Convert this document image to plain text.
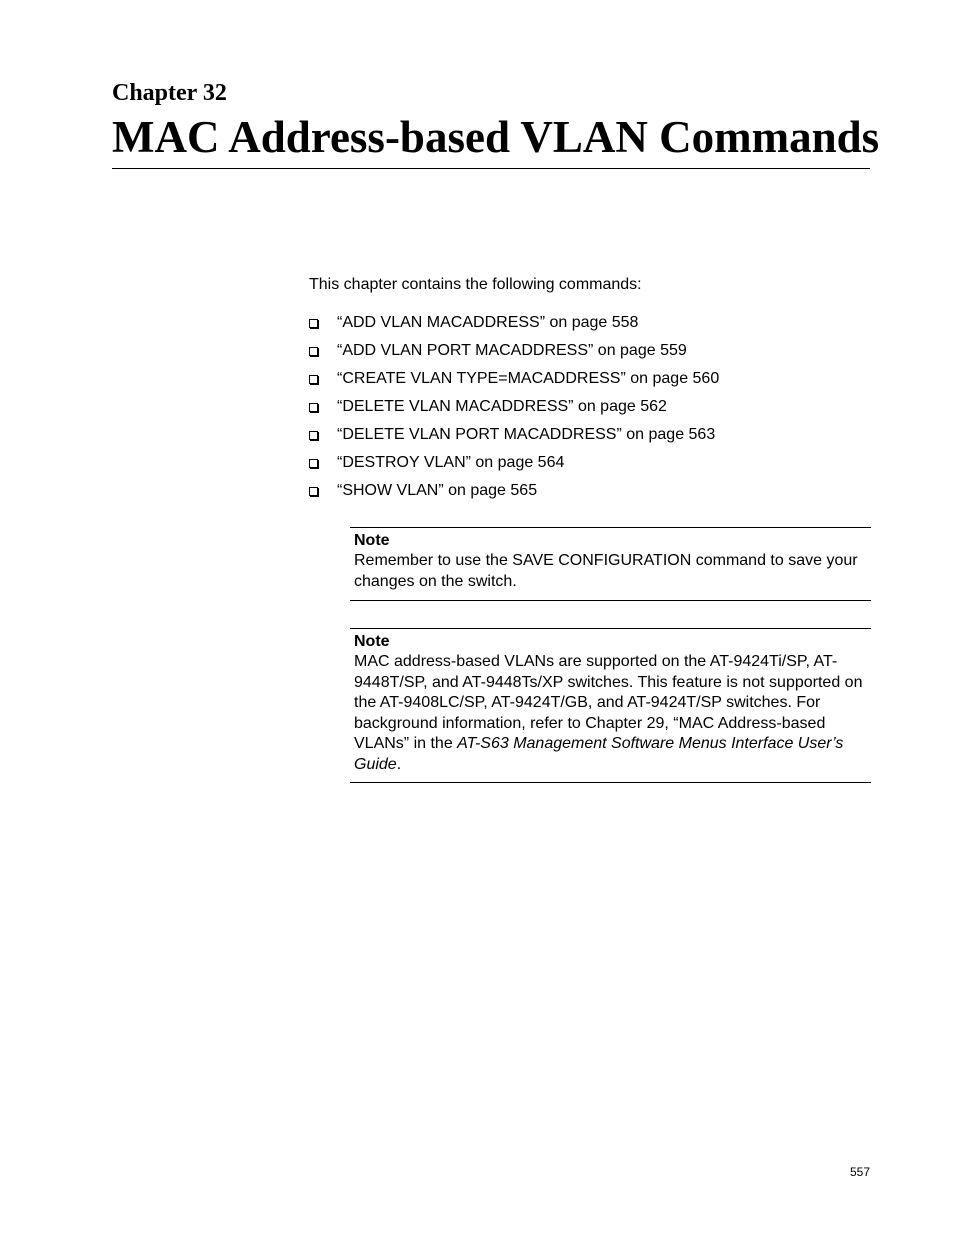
Chapter 32
MAC Address-based VLAN Commands

This chapter contains the following commands:

“ADD VLAN MACADDRESS” on page 558
“ADD VLAN PORT MACADDRESS” on page 559
“CREATE VLAN TYPE=MACADDRESS” on page 560
“DELETE VLAN MACADDRESS” on page 562
“DELETE VLAN PORT MACADDRESS” on page 563
“DESTROY VLAN” on page 564
“SHOW VLAN” on page 565

Note

Remember to use the SAVE CONFIGURATION command to save your changes on the switch.

Note

MAC address-based VLANs are supported on the AT-9424Ti/SP, AT-9448T/SP, and AT-9448Ts/XP switches. This feature is not supported on the AT-9408LC/SP, AT-9424T/GB, and AT-9424T/SP switches. For background information, refer to Chapter 29, “MAC Address-based VLANs” in the AT-S63 Management Software Menus Interface User’s Guide.

557
